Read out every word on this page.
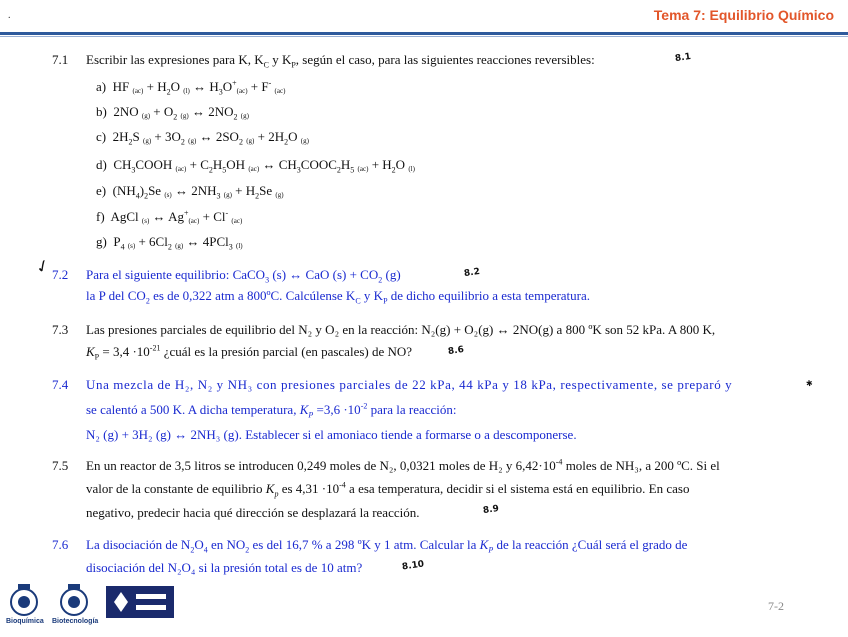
.	Tema 7: Equilibrio Químico
7.1 Escribir las expresiones para K, $K_C$ y $K_P$, según el caso, para las siguientes reacciones reversibles:	8.1
a)  HF $(ac) + H_2O$ (l) ↔ $H_3O^+(ac) + F^-$ (ac)
b)  2NO $(g) + O_2$ (g) ↔ $2NO_2$ (g)
c)  $2H_2S$ $(g) + 3O_2$ (g) ↔ $2SO_2$ $(g) + 2H_2O$ (g)
d)  $CH_3COOH$ $(ac) + C_2H_5OH$ (ac) ↔ $CH_3COOC_2H_5$ $(ac) + H_2O$ (l)
e)  $(NH_4)_2Se$ (s) ↔ $2NH_3$ $(g) + H_2Se$ (g)
f)  AgCl (s) ↔ Ag+(ac) + Cl- (ac)
g)  $P_4$ $(s) + 6Cl_2$ (g) ↔ 4PCl$_3$ (l)
✓
7.2 Para el siguiente equilibrio: CaCO$_3$ (s) ↔ CaO $(s) + CO_2$ (g)	8.2
la P del $CO_2$ es de 0,322 atm a 800ºC. Calcúlense $K_C$ y $K_P$ de dicho equilibrio a esta temperatura.
7.3 Las presiones parciales de equilibrio del N₂ y O₂ en la reacción: N₂(g) + O₂(g) ↔ 2NO(g) a 800 ºK son 52 kPa. A 800 K,
$K_P = 3,4 \cdot 10^{-21}$ ¿cuál es la presión parcial (en pascales) de NO?	8.6
7.4 Una mezcla de H₂, N₂ y NH₃ con presiones parciales de 22 kPa, 44 kPa y 18 kPa, respectivamente, se preparó y	✱
se calentó a 500 K. A dicha temperatura, $K_P =3,6 \cdot 10^{-2}$ para la reacción:
N₂ (g) + 3H₂ (g) ↔ 2NH₃ (g). Establecer si el amoniaco tiende a formarse o a descomponerse.
7.5 En un reactor de 3,5 litros se introducen 0,249 moles de N₂, 0,0321 moles de H₂ y $6,42\cdot 10^{-4}$ moles de NH₃, a 200 ºC. Si el
valor de la constante de equilibrio $K_p$ es $4,31 \cdot 10^{-4}$ a esa temperatura, decidir si el sistema está en equilibrio. En caso
negativo, predecir hacia qué dirección se desplazará la reacción.	8.9
7.6 La disociación de $N_2O_4$ en $NO_2$ es del 16,7 % a 298 ºK y 1 atm. Calcular la $K_P$ de la reacción ¿Cuál será el grado de
disociación del N₂O₄ si la presión total es de 10 atm?	8.10
Bioquímica Biotecnología
7-2
